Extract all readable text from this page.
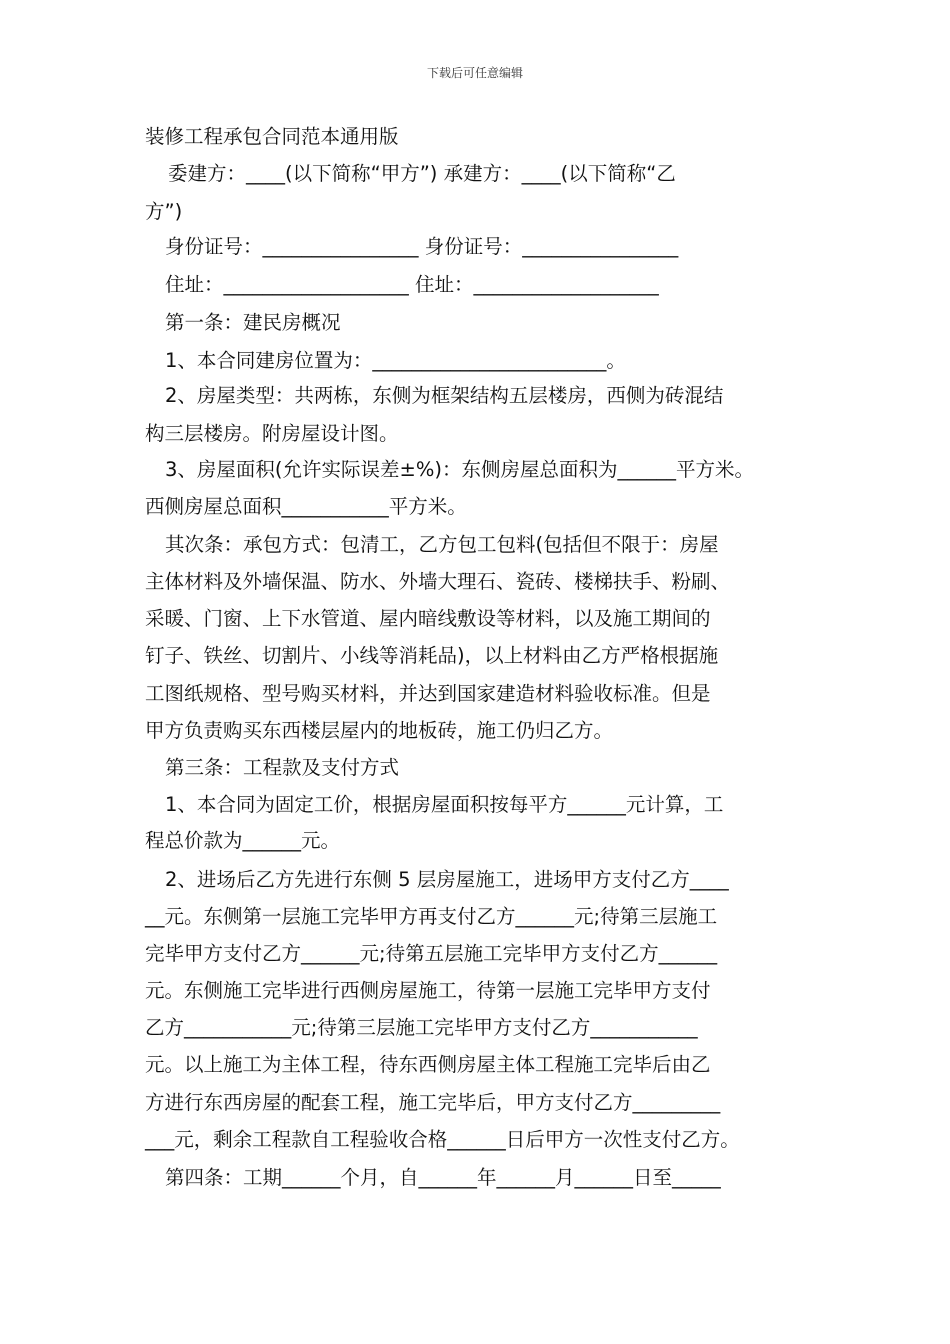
下载后可任意编辑
装修工程承包合同范本通用版
委建方：____(以下简称“甲方”) 承建方：____(以下简称“乙
方”)
身份证号：________________ 身份证号：________________
住址：___________________ 住址：___________________
第一条：建民房概况
1、本合同建房位置为：________________________。
2、房屋类型：共两栋，东侧为框架结构五层楼房，西侧为砖混结
构三层楼房。附房屋设计图。
3、房屋面积(允许实际误差±%)：东侧房屋总面积为______平方米。
西侧房屋总面积___________平方米。
其次条：承包方式：包清工，乙方包工包料(包括但不限于：房屋
主体材料及外墙保温、防水、外墙大理石、瓷砖、楼梯扶手、粉刷、
采暖、门窗、上下水管道、屋内暗线敷设等材料，以及施工期间的
钉子、铁丝、切割片、小线等消耗品)，以上材料由乙方严格根据施
工图纸规格、型号购买材料，并达到国家建造材料验收标准。但是
甲方负责购买东西楼层屋内的地板砖，施工仍归乙方。
第三条：工程款及支付方式
1、本合同为固定工价，根据房屋面积按每平方______元计算，工
程总价款为______元。
2、进场后乙方先进行东侧 5 层房屋施工，进场甲方支付乙方____
__元。东侧第一层施工完毕甲方再支付乙方______元;待第三层施工
完毕甲方支付乙方______元;待第五层施工完毕甲方支付乙方______
元。东侧施工完毕进行西侧房屋施工，待第一层施工完毕甲方支付
乙方___________元;待第三层施工完毕甲方支付乙方___________
元。以上施工为主体工程，待东西侧房屋主体工程施工完毕后由乙
方进行东西房屋的配套工程，施工完毕后，甲方支付乙方_________
___元，剩余工程款自工程验收合格______日后甲方一次性支付乙方。
第四条：工期______个月，自______年______月______日至_____
